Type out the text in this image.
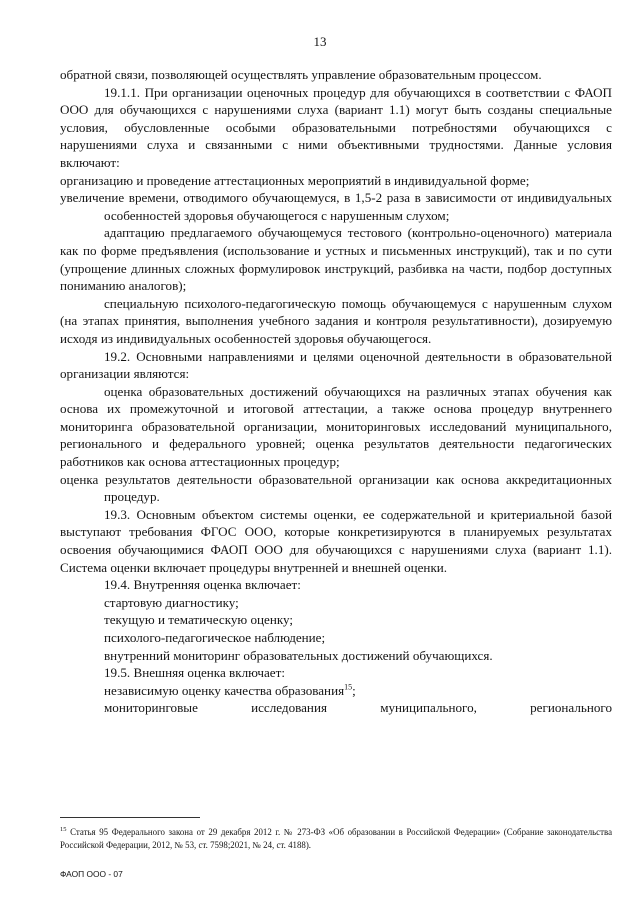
13

обратной связи, позволяющей осуществлять управление образовательным процессом.

19.1.1. При организации оценочных процедур для обучающихся в соответствии с ФАОП ООО для обучающихся с нарушениями слуха (вариант 1.1) могут быть созданы специальные условия, обусловленные особыми образовательными потребностями обучающихся с нарушениями слуха и связанными с ними объективными трудностями. Данные условия включают:

организацию и проведение аттестационных мероприятий в индивидуальной форме;

увеличение времени, отводимого обучающемуся, в 1,5-2 раза в зависимости от индивидуальных особенностей здоровья обучающегося с нарушенным слухом;

адаптацию предлагаемого обучающемуся тестового (контрольно-оценочного) материала как по форме предъявления (использование и устных и письменных инструкций), так и по сути (упрощение длинных сложных формулировок инструкций, разбивка на части, подбор доступных пониманию аналогов);

специальную психолого-педагогическую помощь обучающемуся с нарушенным слухом (на этапах принятия, выполнения учебного задания и контроля результативности), дозируемую исходя из индивидуальных особенностей здоровья обучающегося.

19.2. Основными направлениями и целями оценочной деятельности в образовательной организации являются:

оценка образовательных достижений обучающихся на различных этапах обучения как основа их промежуточной и итоговой аттестации, а также основа процедур внутреннего мониторинга образовательной организации, мониторинговых исследований муниципального, регионального и федерального уровней; оценка результатов деятельности педагогических работников как основа аттестационных процедур;

оценка результатов деятельности образовательной организации как основа аккредитационных процедур.

19.3. Основным объектом системы оценки, ее содержательной и критериальной базой выступают требования ФГОС ООО, которые конкретизируются в планируемых результатах освоения обучающимися ФАОП ООО для обучающихся с нарушениями слуха (вариант 1.1). Система оценки включает процедуры внутренней и внешней оценки.

19.4. Внутренняя оценка включает:

стартовую диагностику;

текущую и тематическую оценку;

психолого-педагогическое наблюдение;

внутренний мониторинг образовательных достижений обучающихся.

19.5. Внешняя оценка включает:

независимую оценку качества образования$^{15}$;

мониторинговые исследования муниципального, регионального

$^{15}$ Статья 95 Федерального закона от 29 декабря 2012 г. № 273-ФЗ «Об образовании в Российской Федерации» (Собрание законодательства Российской Федерации, 2012, № 53, ст. 7598;2021, № 24, ст. 4188).
ФАОП ООО - 07
